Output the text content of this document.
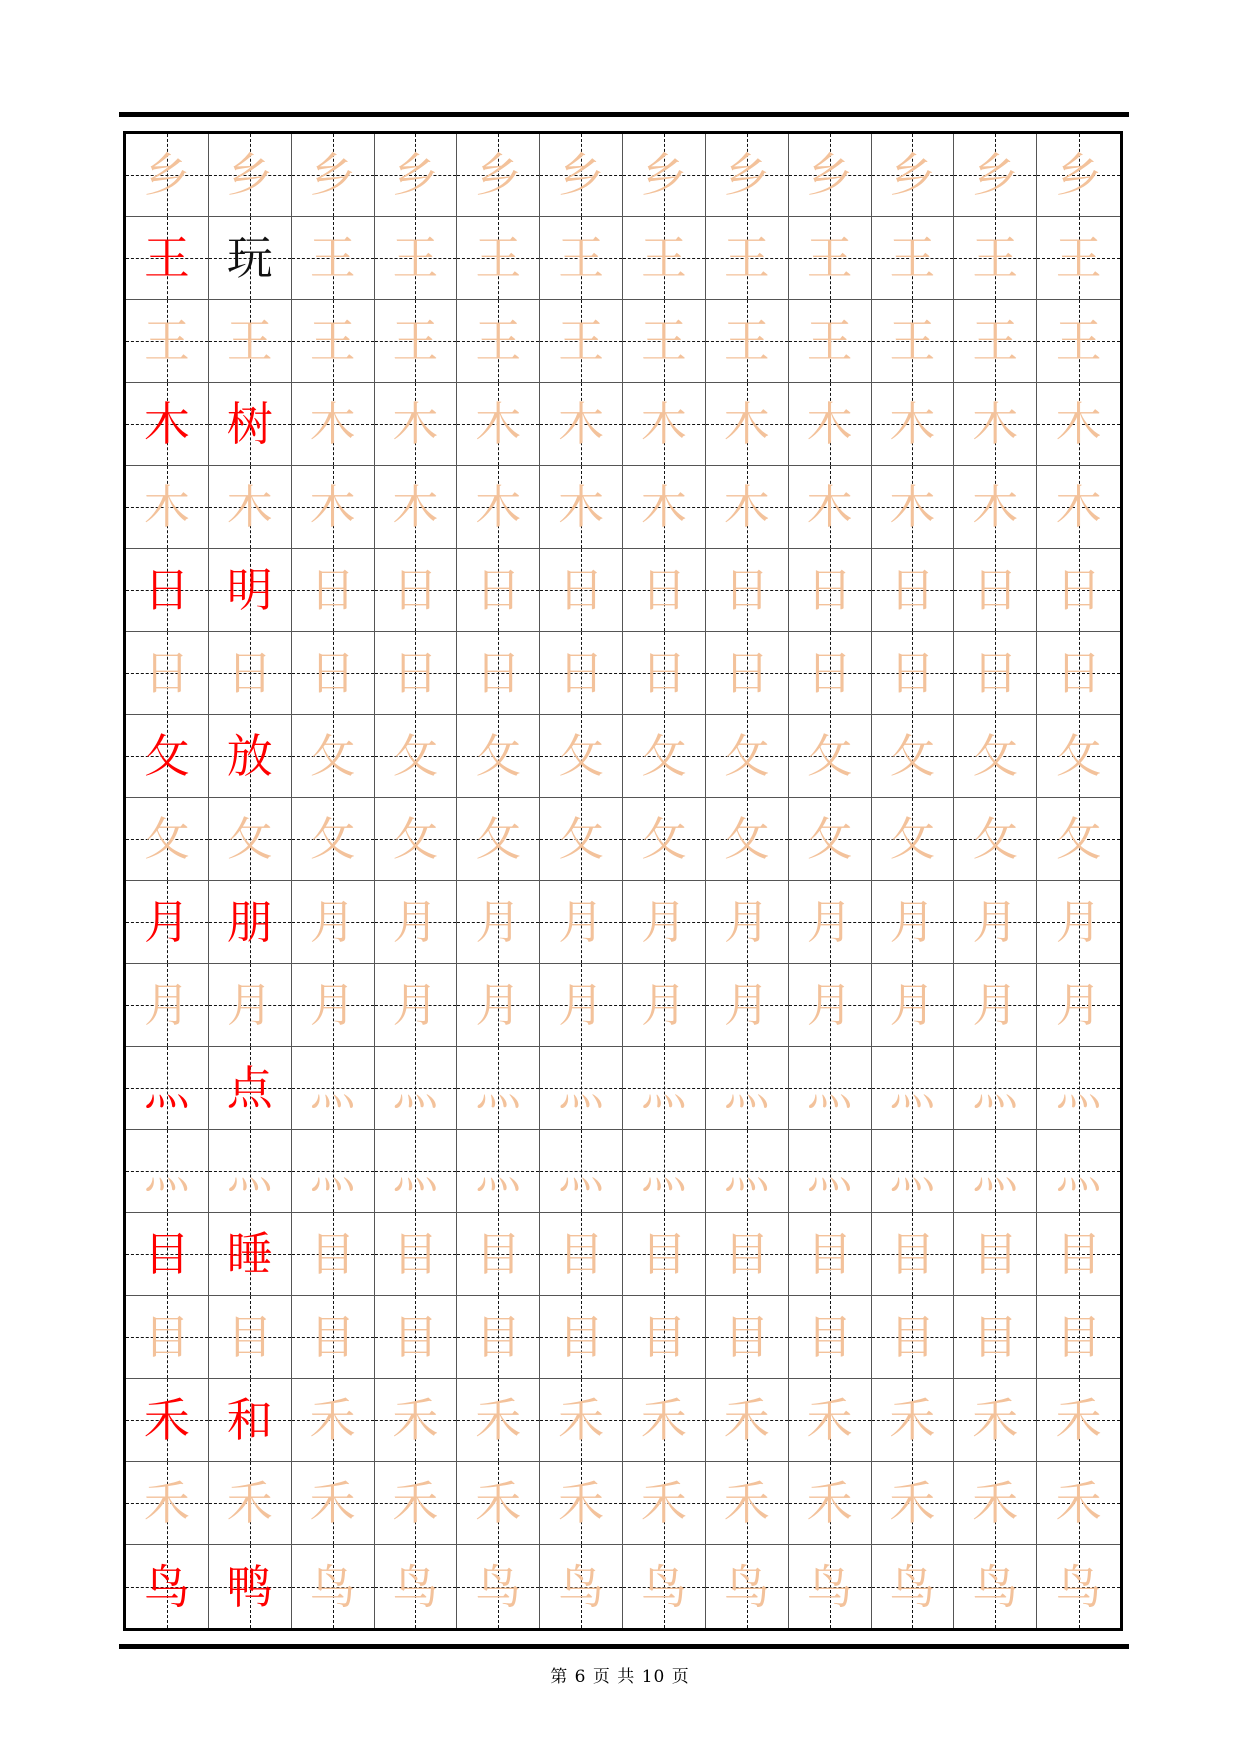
乡 乡 乡 乡 乡 乡 乡 乡 乡 乡 乡 乡
王 玩 王 王 王 王 王 王 王 王 王 王
王 王 王 王 王 王 王 王 王 王 王 王
木 树 木 木 木 木 木 木 木 木 木 木
木 木 木 木 木 木 木 木 木 木 木 木
日 明 日 日 日 日 日 日 日 日 日 日
日 日 日 日 日 日 日 日 日 日 日 日
攵 放 攵 攵 攵 攵 攵 攵 攵 攵 攵 攵
攵 攵 攵 攵 攵 攵 攵 攵 攵 攵 攵 攵
月 朋 月 月 月 月 月 月 月 月 月 月
月 月 月 月 月 月 月 月 月 月 月 月
灬 点 灬 灬 灬 灬 灬 灬 灬 灬 灬 灬
灬 灬 灬 灬 灬 灬 灬 灬 灬 灬 灬 灬
目 睡 目 目 目 目 目 目 目 目 目 目
目 目 目 目 目 目 目 目 目 目 目 目
禾 和 禾 禾 禾 禾 禾 禾 禾 禾 禾 禾
禾 禾 禾 禾 禾 禾 禾 禾 禾 禾 禾 禾
鸟 鸭 鸟 鸟 鸟 鸟 鸟 鸟 鸟 鸟 鸟 鸟
第 6 页 共 10 页
